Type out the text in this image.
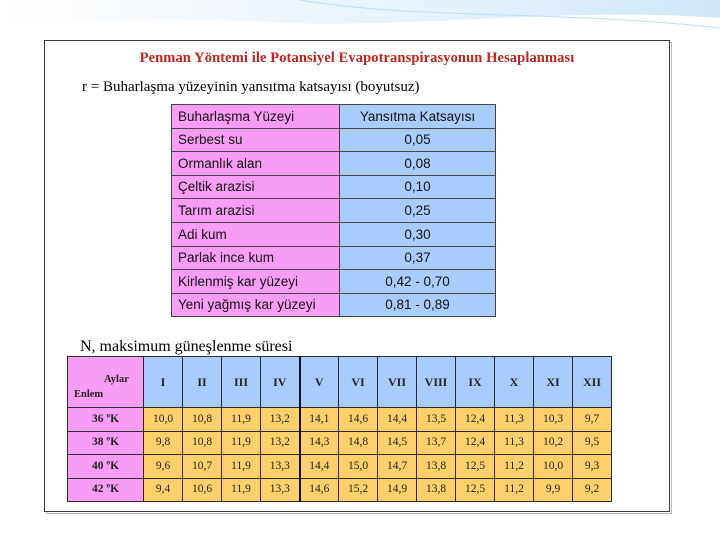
Penman Yöntemi ile Potansiyel Evapotranspirasyonun Hesaplanması
r = Buharlaşma yüzeyinin yansıtma katsayısı (boyutsuz)
Buharlaşma Yüzeyi	Yansıtma Katsayısı
Serbest su	0,05
Ormanlık alan	0,08
Çeltik arazisi	0,10
Tarım arazisi	0,25
Adi kum	0,30
Parlak ince kum	0,37
Kirlenmiş kar yüzeyi	0,42 - 0,70
Yeni yağmış kar yüzeyi	0,81 - 0,89
N, maksimum güneşlenme süresi
Aylar
Enlem	I	II	III	IV	V	VI	VII	VIII	IX	X	XI	XII
36 ºK	10,0	10,8	11,9	13,2	14,1	14,6	14,4	13,5	12,4	11,3	10,3	9,7
38 ºK	9,8	10,8	11,9	13,2	14,3	14,8	14,5	13,7	12,4	11,3	10,2	9,5
40 ºK	9,6	10,7	11,9	13,3	14,4	15,0	14,7	13,8	12,5	11,2	10,0	9,3
42 ºK	9,4	10,6	11,9	13,3	14,6	15,2	14,9	13,8	12,5	11,2	9,9	9,2
